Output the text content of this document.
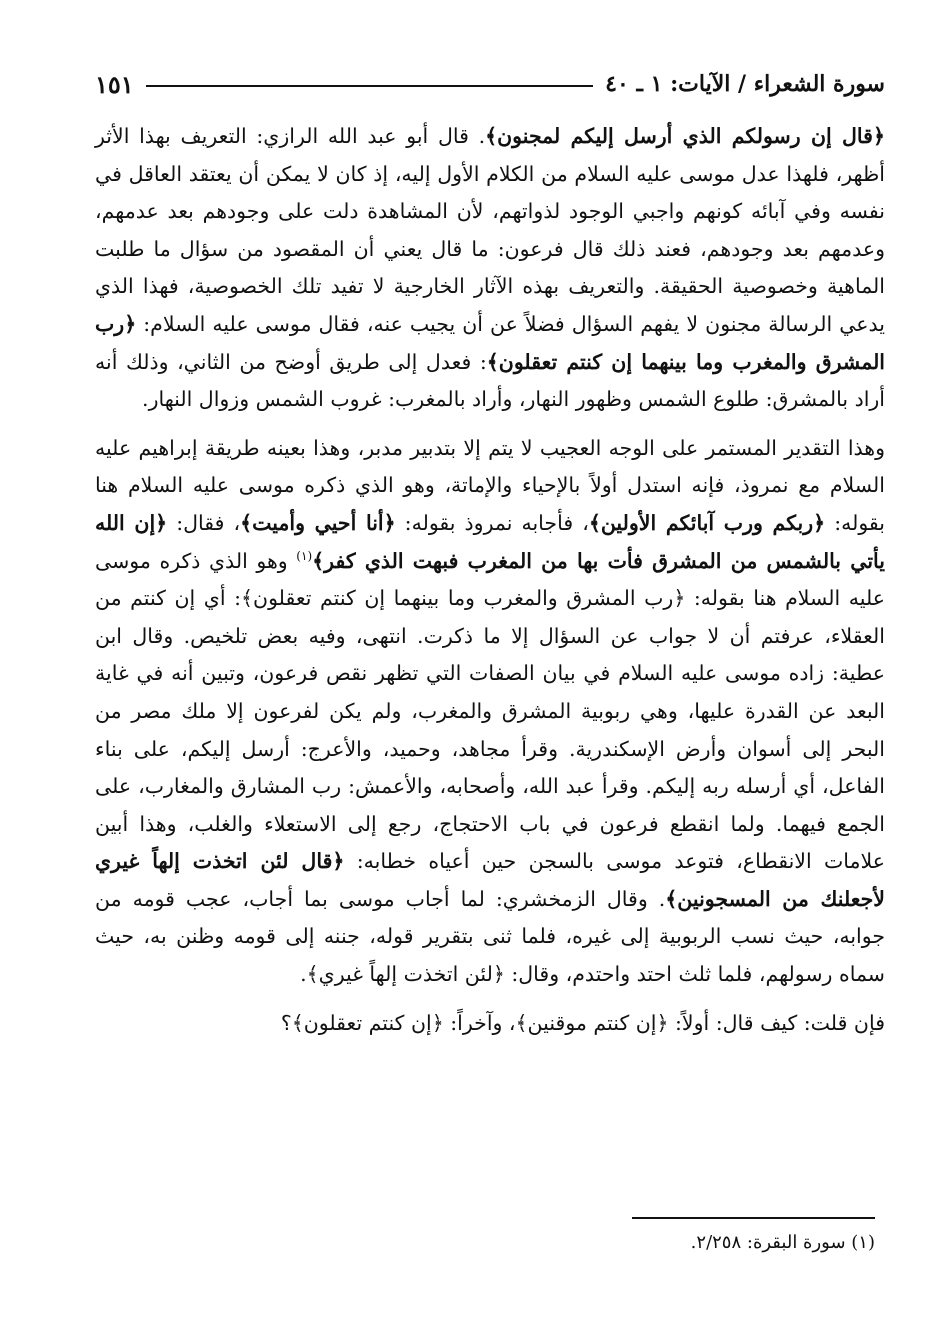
سورة الشعراء / الآيات: ١ ـ ٤٠
١٥١

﴿قال إن رسولكم الذي أرسل إليكم لمجنون﴾. قال أبو عبد الله الرازي: التعريف بهذا الأثر أظهر، فلهذا عدل موسى عليه السلام من الكلام الأول إليه، إذ كان لا يمكن أن يعتقد العاقل في نفسه وفي آبائه كونهم واجبي الوجود لذواتهم، لأن المشاهدة دلت على وجودهم بعد عدمهم، وعدمهم بعد وجودهم، فعند ذلك قال فرعون: ما قال يعني أن المقصود من سؤال ما طلبت الماهية وخصوصية الحقيقة. والتعريف بهذه الآثار الخارجية لا تفيد تلك الخصوصية، فهذا الذي يدعي الرسالة مجنون لا يفهم السؤال فضلاً عن أن يجيب عنه، فقال موسى عليه السلام: ﴿رب المشرق والمغرب وما بينهما إن كنتم تعقلون﴾: فعدل إلى طريق أوضح من الثاني، وذلك أنه أراد بالمشرق: طلوع الشمس وظهور النهار، وأراد بالمغرب: غروب الشمس وزوال النهار.

وهذا التقدير المستمر على الوجه العجيب لا يتم إلا بتدبير مدبر، وهذا بعينه طريقة إبراهيم عليه السلام مع نمروذ، فإنه استدل أولاً بالإحياء والإماتة، وهو الذي ذكره موسى عليه السلام هنا بقوله: ﴿ربكم ورب آبائكم الأولين﴾، فأجابه نمروذ بقوله: ﴿أنا أحيي وأميت﴾، فقال: ﴿إن الله يأتي بالشمس من المشرق فأت بها من المغرب فبهت الذي كفر﴾$^{(١)}$ وهو الذي ذكره موسى عليه السلام هنا بقوله: ﴿رب المشرق والمغرب وما بينهما إن كنتم تعقلون﴾: أي إن كنتم من العقلاء، عرفتم أن لا جواب عن السؤال إلا ما ذكرت. انتهى، وفيه بعض تلخيص. وقال ابن عطية: زاده موسى عليه السلام في بيان الصفات التي تظهر نقص فرعون، وتبين أنه في غاية البعد عن القدرة عليها، وهي ربوبية المشرق والمغرب، ولم يكن لفرعون إلا ملك مصر من البحر إلى أسوان وأرض الإسكندرية. وقرأ مجاهد، وحميد، والأعرج: أرسل إليكم، على بناء الفاعل، أي أرسله ربه إليكم. وقرأ عبد الله، وأصحابه، والأعمش: رب المشارق والمغارب، على الجمع فيهما. ولما انقطع فرعون في باب الاحتجاج، رجع إلى الاستعلاء والغلب، وهذا أبين علامات الانقطاع، فتوعد موسى بالسجن حين أعياه خطابه: ﴿قال لئن اتخذت إلهاً غيري لأجعلنك من المسجونين﴾. وقال الزمخشري: لما أجاب موسى بما أجاب، عجب قومه من جوابه، حيث نسب الربوبية إلى غيره، فلما ثنى بتقرير قوله، جننه إلى قومه وظنن به، حيث سماه رسولهم، فلما ثلث احتد واحتدم، وقال: ﴿لئن اتخذت إلهاً غيري﴾.

فإن قلت: كيف قال: أولاً: ﴿إن كنتم موقنين﴾، وآخراً: ﴿إن كنتم تعقلون﴾؟

(١) سورة البقرة: ٢/٢٥٨.
